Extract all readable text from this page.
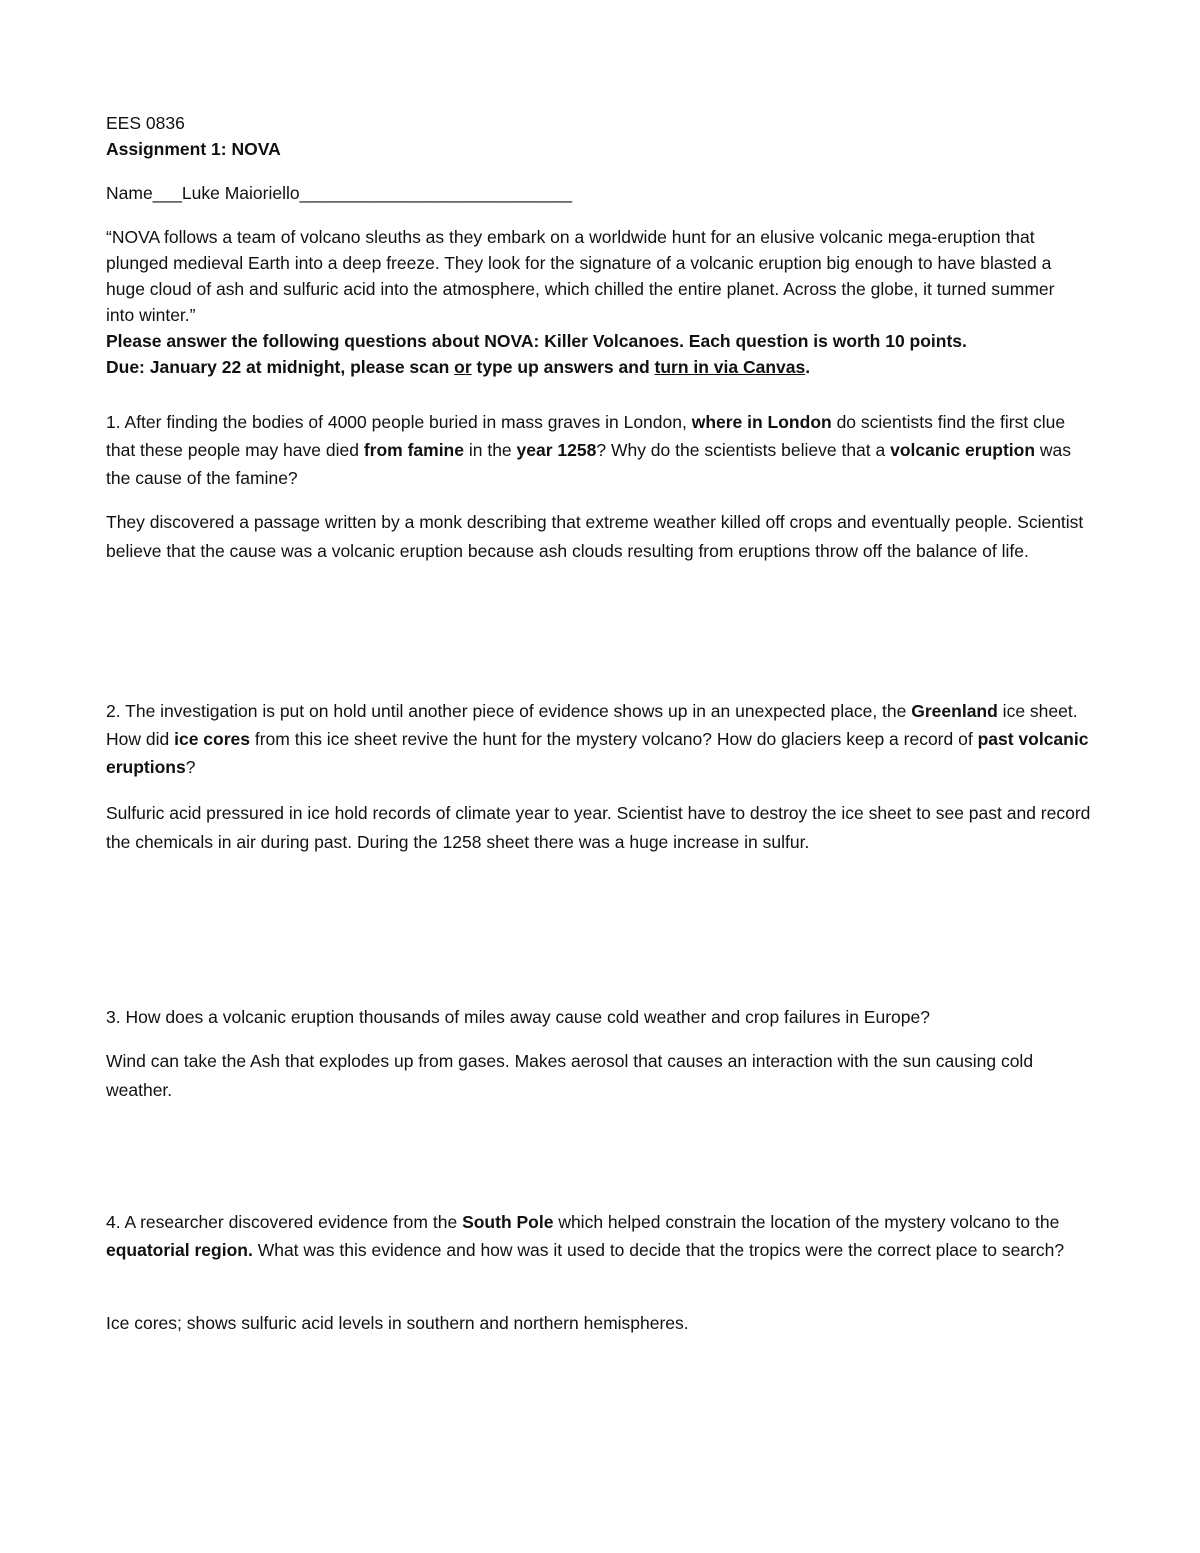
EES 0836

Assignment 1: NOVA

Name___Luke Maioriello____________________________

“NOVA follows a team of volcano sleuths as they embark on a worldwide hunt for an elusive volcanic mega-eruption that plunged medieval Earth into a deep freeze. They look for the signature of a volcanic eruption big enough to have blasted a huge cloud of ash and sulfuric acid into the atmosphere, which chilled the entire planet. Across the globe, it turned summer into winter.”

Please answer the following questions about NOVA: Killer Volcanoes. Each question is worth 10 points.
Due: January 22 at midnight, please scan or type up answers and turn in via Canvas.

1. After finding the bodies of 4000 people buried in mass graves in London, where in London do scientists find the first clue that these people may have died from famine in the year 1258? Why do the scientists believe that a volcanic eruption was the cause of the famine?

They discovered a passage written by a monk describing that extreme weather killed off crops and eventually people. Scientist believe that the cause was a volcanic eruption because ash clouds resulting from eruptions throw off the balance of life.

2. The investigation is put on hold until another piece of evidence shows up in an unexpected place, the Greenland ice sheet. How did ice cores from this ice sheet revive the hunt for the mystery volcano? How do glaciers keep a record of past volcanic eruptions?

Sulfuric acid pressured in ice hold records of climate year to year. Scientist have to destroy the ice sheet to see past and record the chemicals in air during past. During the 1258 sheet there was a huge increase in sulfur.

3. How does a volcanic eruption thousands of miles away cause cold weather and crop failures in Europe?

Wind can take the Ash that explodes up from gases. Makes aerosol that causes an interaction with the sun causing cold weather.

4. A researcher discovered evidence from the South Pole which helped constrain the location of the mystery volcano to the equatorial region. What was this evidence and how was it used to decide that the tropics were the correct place to search?

Ice cores; shows sulfuric acid levels in southern and northern hemispheres.
